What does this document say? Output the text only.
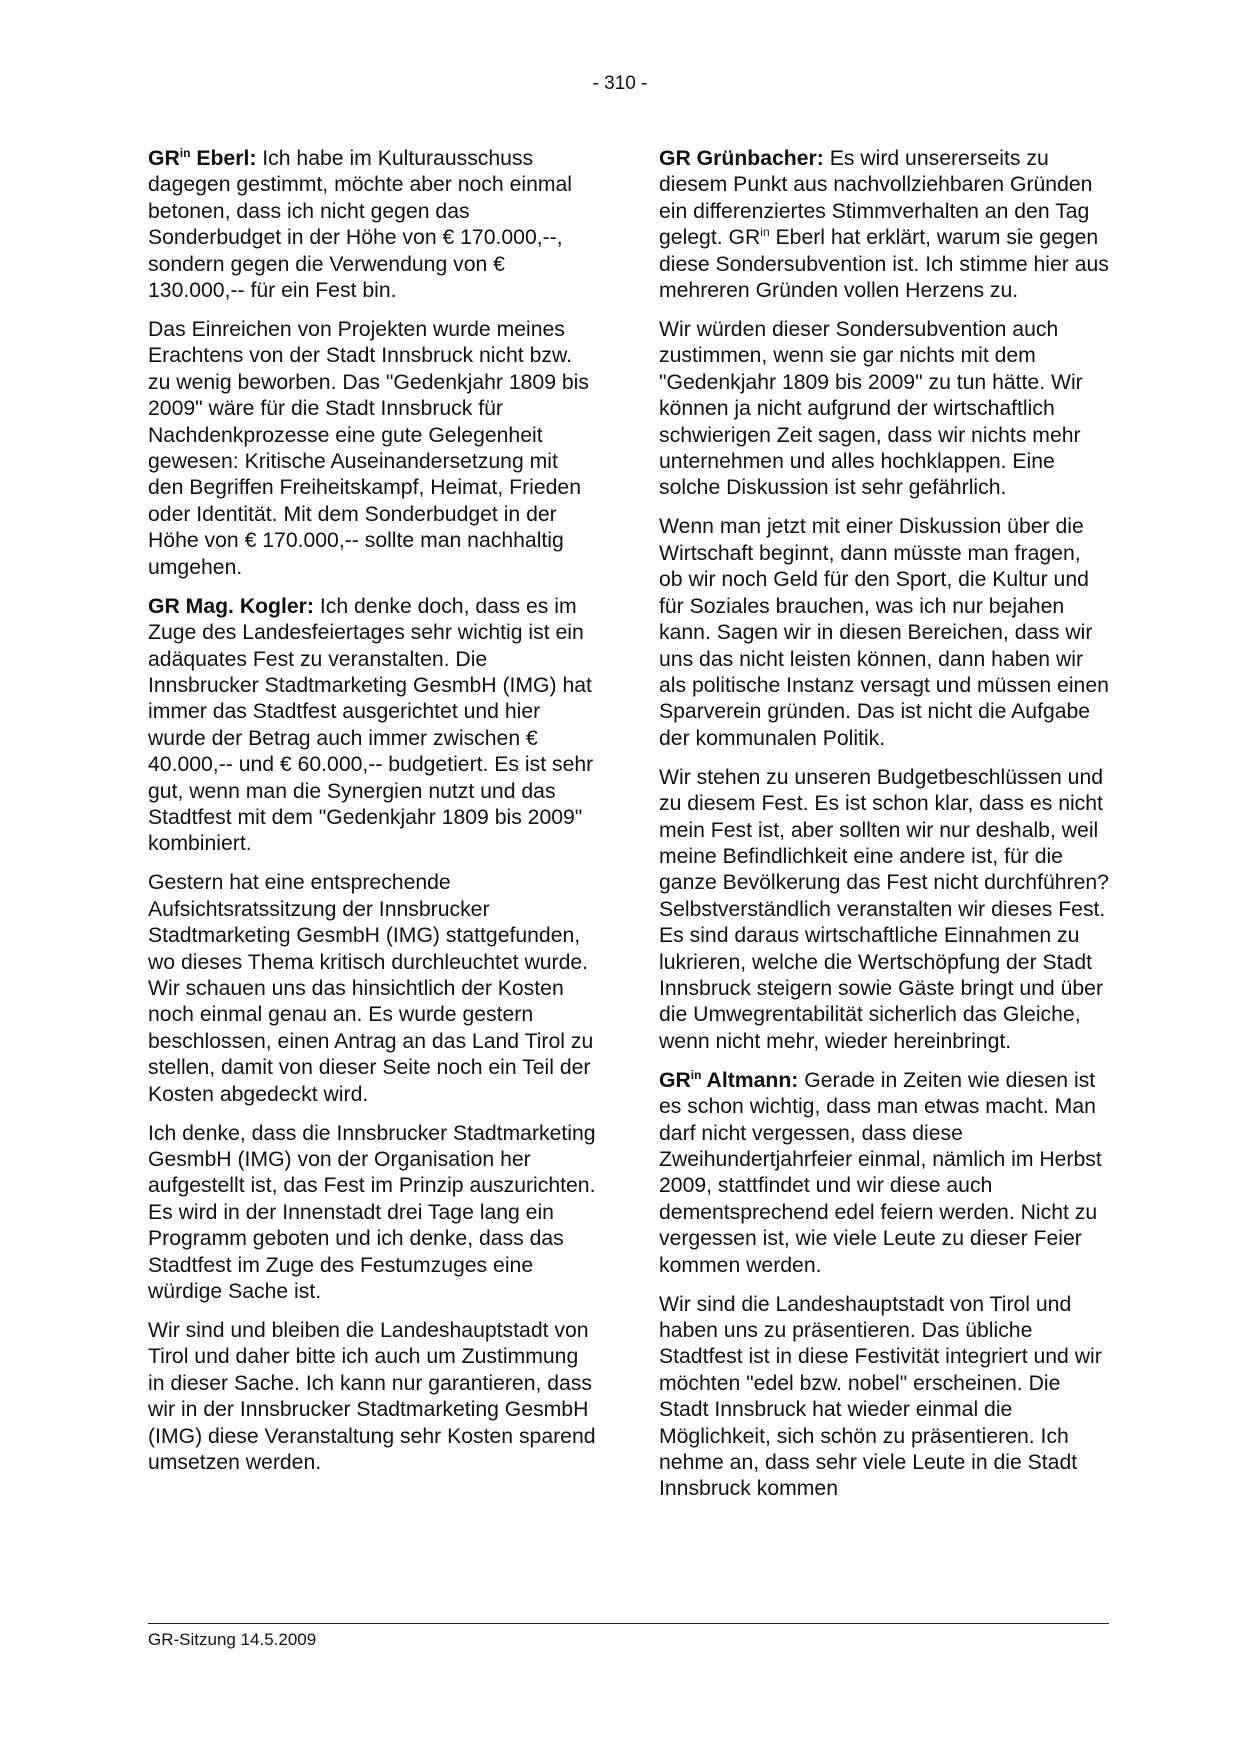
- 310 -

$GR^{in}$ Eberl: Ich habe im Kulturausschuss dagegen gestimmt, möchte aber noch einmal betonen, dass ich nicht gegen das Sonderbudget in der Höhe von € 170.000,--, sondern gegen die Verwendung von € 130.000,-- für ein Fest bin.

Das Einreichen von Projekten wurde meines Erachtens von der Stadt Innsbruck nicht bzw. zu wenig beworben. Das "Gedenkjahr 1809 bis 2009" wäre für die Stadt Innsbruck für Nachdenkprozesse eine gute Gelegenheit gewesen: Kritische Auseinandersetzung mit den Begriffen Freiheitskampf, Heimat, Frieden oder Identität. Mit dem Sonderbudget in der Höhe von € 170.000,-- sollte man nachhaltig umgehen.

GR Mag. Kogler: Ich denke doch, dass es im Zuge des Landesfeiertages sehr wichtig ist ein adäquates Fest zu veranstalten. Die Innsbrucker Stadtmarketing GesmbH (IMG) hat immer das Stadtfest ausgerichtet und hier wurde der Betrag auch immer zwischen € 40.000,-- und € 60.000,-- budgetiert. Es ist sehr gut, wenn man die Synergien nutzt und das Stadtfest mit dem "Gedenkjahr 1809 bis 2009" kombiniert.

Gestern hat eine entsprechende Aufsichtsratssitzung der Innsbrucker Stadtmarketing GesmbH (IMG) stattgefunden, wo dieses Thema kritisch durchleuchtet wurde. Wir schauen uns das hinsichtlich der Kosten noch einmal genau an. Es wurde gestern beschlossen, einen Antrag an das Land Tirol zu stellen, damit von dieser Seite noch ein Teil der Kosten abgedeckt wird.

Ich denke, dass die Innsbrucker Stadtmarketing GesmbH (IMG) von der Organisation her aufgestellt ist, das Fest im Prinzip auszurichten. Es wird in der Innenstadt drei Tage lang ein Programm geboten und ich denke, dass das Stadtfest im Zuge des Festumzuges eine würdige Sache ist.

Wir sind und bleiben die Landeshauptstadt von Tirol und daher bitte ich auch um Zustimmung in dieser Sache. Ich kann nur garantieren, dass wir in der Innsbrucker Stadtmarketing GesmbH (IMG) diese Veranstaltung sehr Kosten sparend umsetzen werden.

GR Grünbacher: Es wird unsererseits zu diesem Punkt aus nachvollziehbaren Gründen ein differenziertes Stimmverhalten an den Tag gelegt. $GR^{in}$ Eberl hat erklärt, warum sie gegen diese Sondersubvention ist. Ich stimme hier aus mehreren Gründen vollen Herzens zu.

Wir würden dieser Sondersubvention auch zustimmen, wenn sie gar nichts mit dem "Gedenkjahr 1809 bis 2009" zu tun hätte. Wir können ja nicht aufgrund der wirtschaftlich schwierigen Zeit sagen, dass wir nichts mehr unternehmen und alles hochklappen. Eine solche Diskussion ist sehr gefährlich.

Wenn man jetzt mit einer Diskussion über die Wirtschaft beginnt, dann müsste man fragen, ob wir noch Geld für den Sport, die Kultur und für Soziales brauchen, was ich nur bejahen kann. Sagen wir in diesen Bereichen, dass wir uns das nicht leisten können, dann haben wir als politische Instanz versagt und müssen einen Sparverein gründen. Das ist nicht die Aufgabe der kommunalen Politik.

Wir stehen zu unseren Budgetbeschlüssen und zu diesem Fest. Es ist schon klar, dass es nicht mein Fest ist, aber sollten wir nur deshalb, weil meine Befindlichkeit eine andere ist, für die ganze Bevölkerung das Fest nicht durchführen? Selbstverständlich veranstalten wir dieses Fest. Es sind daraus wirtschaftliche Einnahmen zu lukrieren, welche die Wertschöpfung der Stadt Innsbruck steigern sowie Gäste bringt und über die Umwegrentabilität sicherlich das Gleiche, wenn nicht mehr, wieder hereinbringt.

$GR^{in}$ Altmann: Gerade in Zeiten wie diesen ist es schon wichtig, dass man etwas macht. Man darf nicht vergessen, dass diese Zweihundertjahrfeier einmal, nämlich im Herbst 2009, stattfindet und wir diese auch dementsprechend edel feiern werden. Nicht zu vergessen ist, wie viele Leute zu dieser Feier kommen werden.

Wir sind die Landeshauptstadt von Tirol und haben uns zu präsentieren. Das übliche Stadtfest ist in diese Festivität integriert und wir möchten "edel bzw. nobel" erscheinen. Die Stadt Innsbruck hat wieder einmal die Möglichkeit, sich schön zu präsentieren. Ich nehme an, dass sehr viele Leute in die Stadt Innsbruck kommen

GR-Sitzung 14.5.2009
